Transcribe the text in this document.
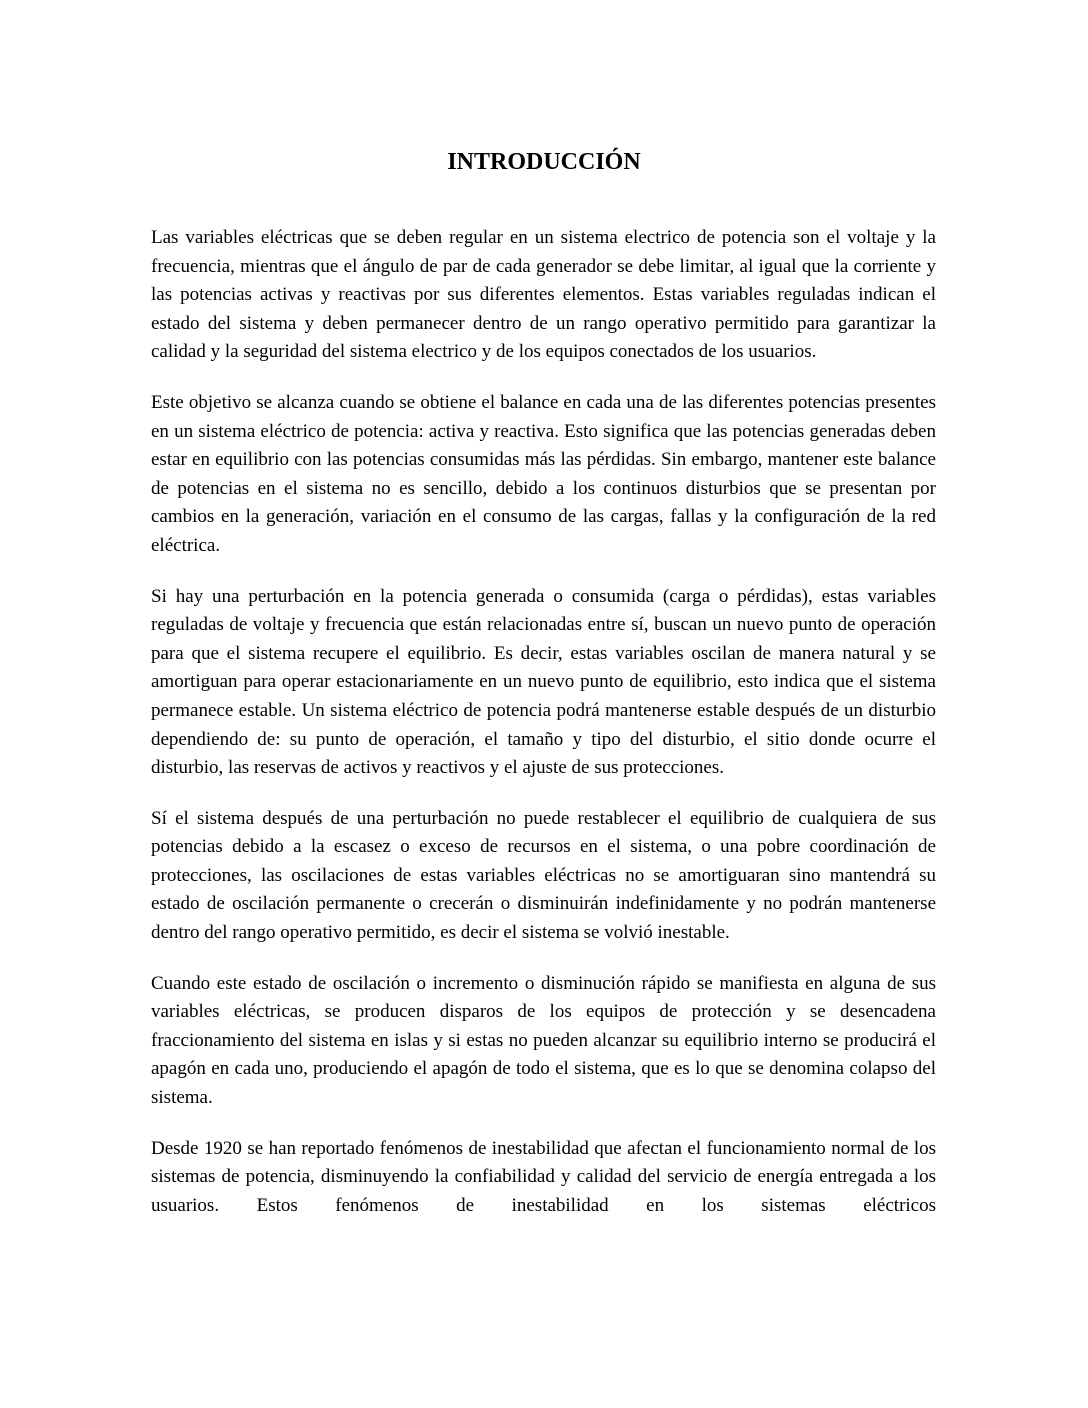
INTRODUCCIÓN

Las variables eléctricas que se deben regular en un sistema electrico de potencia son el voltaje y la frecuencia, mientras que el ángulo de par de cada generador se debe limitar, al igual que la corriente y las potencias activas y reactivas por sus diferentes elementos. Estas variables reguladas indican el estado del sistema y deben permanecer dentro de un rango operativo permitido para garantizar la calidad y la seguridad del sistema electrico y de los equipos conectados de los usuarios.

Este objetivo se alcanza cuando se obtiene el balance en cada una de las diferentes potencias presentes en un sistema eléctrico de potencia: activa y reactiva. Esto significa que las potencias generadas deben estar en equilibrio con las potencias consumidas más las pérdidas. Sin embargo, mantener este balance de potencias en el sistema no es sencillo, debido a los continuos disturbios que se presentan por cambios en la generación, variación en el consumo de las cargas, fallas y la configuración de la red eléctrica.

Si hay una perturbación en la potencia generada o consumida (carga o pérdidas), estas variables reguladas de voltaje y frecuencia que están relacionadas entre sí, buscan un nuevo punto de operación para que el sistema recupere el equilibrio. Es decir, estas variables oscilan de manera natural y se amortiguan para operar estacionariamente en un nuevo punto de equilibrio, esto indica que el sistema permanece estable. Un sistema eléctrico de potencia podrá mantenerse estable después de un disturbio dependiendo de: su punto de operación, el tamaño y tipo del disturbio, el sitio donde ocurre el disturbio, las reservas de activos y reactivos y el ajuste de sus protecciones.

Sí el sistema después de una perturbación no puede restablecer el equilibrio de cualquiera de sus potencias debido a la escasez o exceso de recursos en el sistema, o una pobre coordinación de protecciones, las oscilaciones de estas variables eléctricas no se amortiguaran sino mantendrá su estado de oscilación permanente o crecerán o disminuirán indefinidamente y no podrán mantenerse dentro del rango operativo permitido, es decir el sistema se volvió inestable.

Cuando este estado de oscilación o incremento o disminución rápido se manifiesta en alguna de sus variables eléctricas, se producen disparos de los equipos de protección y se desencadena fraccionamiento del sistema en islas y si estas no pueden alcanzar su equilibrio interno se producirá el apagón en cada uno, produciendo el apagón de todo el sistema, que es lo que se denomina colapso del sistema.

Desde 1920 se han reportado fenómenos de inestabilidad que afectan el funcionamiento normal de los sistemas de potencia, disminuyendo la confiabilidad y calidad del servicio de energía entregada a los usuarios. Estos fenómenos de inestabilidad en los sistemas eléctricos
